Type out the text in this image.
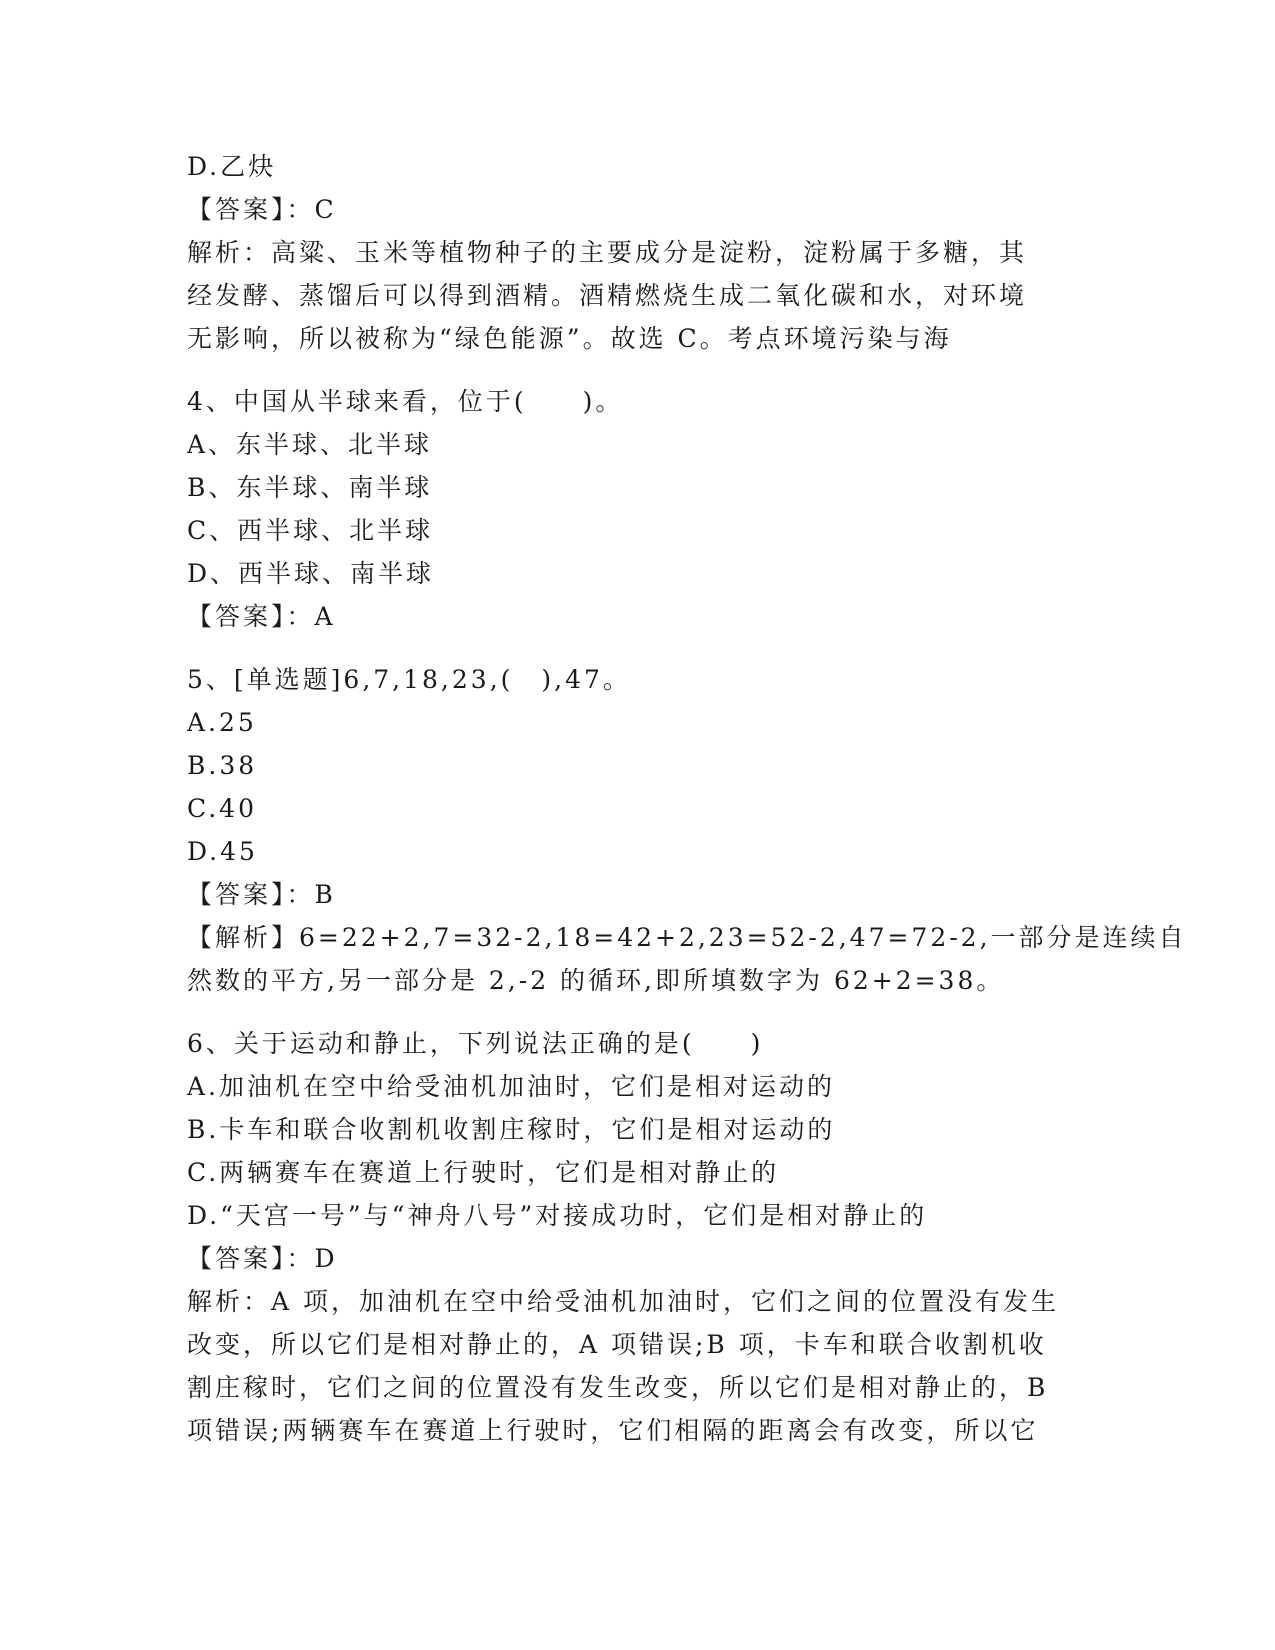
D.乙炔
【答案】：C
解析：高粱、玉米等植物种子的主要成分是淀粉，淀粉属于多糖，其
经发酵、蒸馏后可以得到酒精。酒精燃烧生成二氧化碳和水，对环境
无影响，所以被称为“绿色能源”。故选 C。考点环境污染与海
4、中国从半球来看，位于(　　)。
A、东半球、北半球
B、东半球、南半球
C、西半球、北半球
D、西半球、南半球
【答案】：A
5、[单选题]6,7,18,23,(　),47。
A.25
B.38
C.40
D.45
【答案】：B
【解析】6=22+2,7=32-2,18=42+2,23=52-2,47=72-2,一部分是连续自
然数的平方,另一部分是 2,-2 的循环,即所填数字为 62+2=38。
6、关于运动和静止，下列说法正确的是(　　)
A.加油机在空中给受油机加油时，它们是相对运动的
B.卡车和联合收割机收割庄稼时，它们是相对运动的
C.两辆赛车在赛道上行驶时，它们是相对静止的
D.“天宫一号”与“神舟八号”对接成功时，它们是相对静止的
【答案】：D
解析：A 项，加油机在空中给受油机加油时，它们之间的位置没有发生
改变，所以它们是相对静止的，A 项错误;B 项，卡车和联合收割机收
割庄稼时，它们之间的位置没有发生改变，所以它们是相对静止的，B
项错误;两辆赛车在赛道上行驶时，它们相隔的距离会有改变，所以它
